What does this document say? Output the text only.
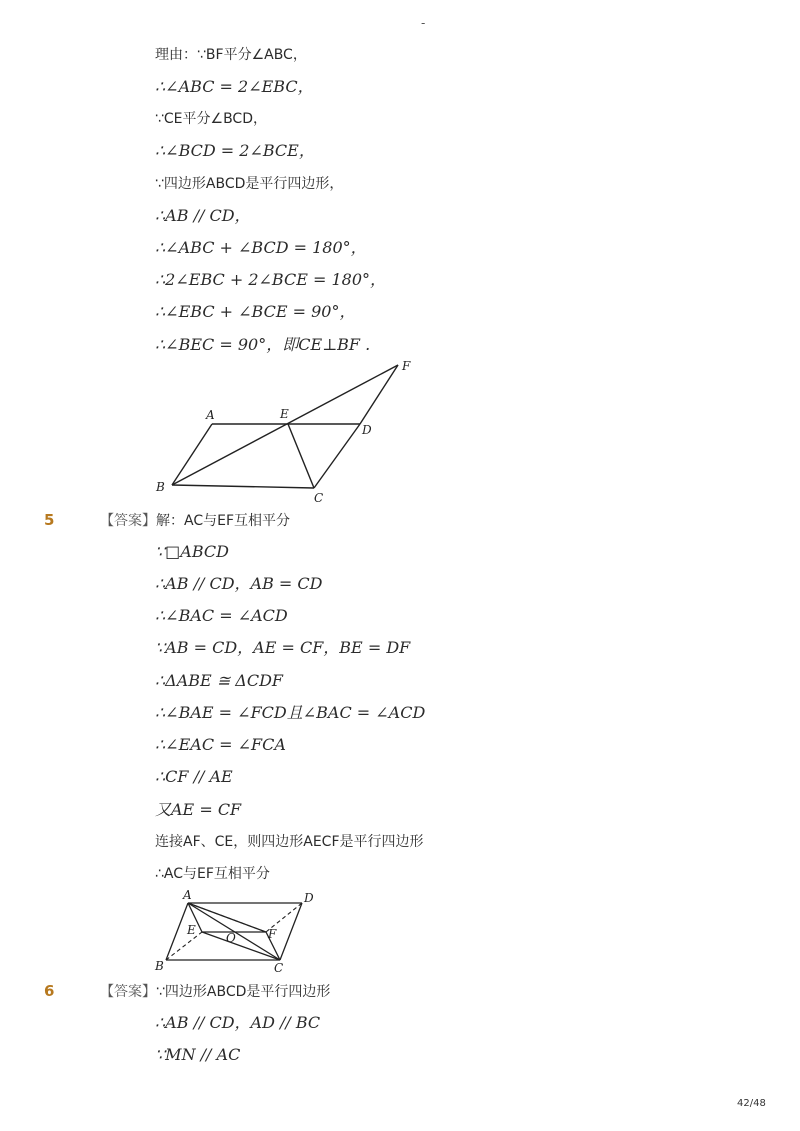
-
理由：∵BF平分∠ABC，
∴∠ABC = 2∠EBC，
∵CE平分∠BCD，
∴∠BCD = 2∠BCE，
∵四边形ABCD是平行四边形，
∴AB // CD，
∴∠ABC + ∠BCD = 180°，
∴2∠EBC + 2∠BCE = 180°，
∴∠EBC + ∠BCE = 90°，
∴∠BEC = 90°，即CE⊥BF .
A
B
C
D
E
F
5	【答案】解：AC与EF互相平分
∵□ABCD
∴AB // CD，AB = CD
∴∠BAC = ∠ACD
∵AB = CD，AE = CF，BE = DF
∴ΔABE ≅ ΔCDF
∴∠BAE = ∠FCD且∠BAC = ∠ACD
∴∠EAC = ∠FCA
∴CF // AE
又AE = CF
连接AF、CE，则四边形AECF是平行四边形
∴AC与EF互相平分
A
B	C
D
E	F
O
6	【答案】∵四边形ABCD是平行四边形
∴AB // CD，AD // BC
∵MN // AC
42/48
